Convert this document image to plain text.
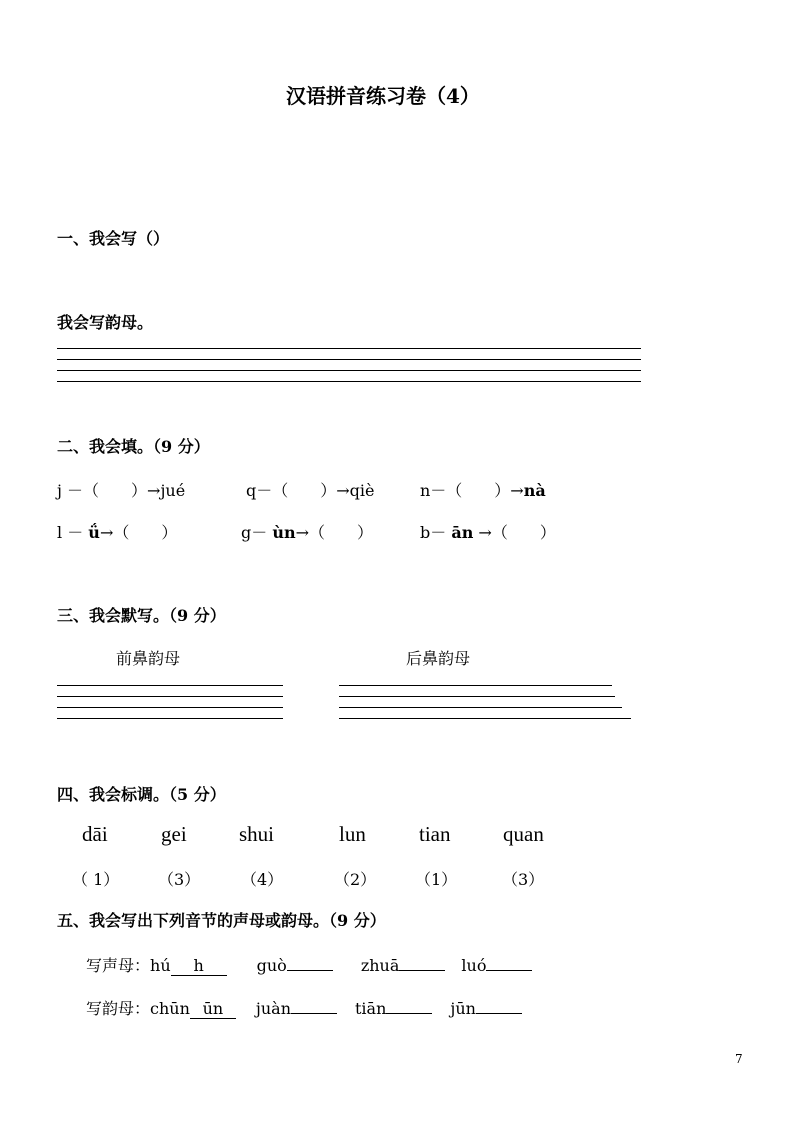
汉语拼音练习卷（4）
一、我会写（）
我会写韵母。
二、我会填。（9 分）
j －（　　）→jué	q－（　　）→qiè	n－（　　）→nà
l － ǘ→（　　）	g－ ùn→（　　）	b－ ān →（　　）
三、我会默写。（9 分）
前鼻韵母	后鼻韵母
四、我会标调。（5 分）
dāi	gei shui	lun	tian	quan
（ 1） （3）	（4）	（2） （1）	（3）
五、我会写出下列音节的声母或韵母。（9 分）
写声母：hú h	guò	zhuā	luó
写韵母：chūn ūn juàn	tiān	jūn
7
